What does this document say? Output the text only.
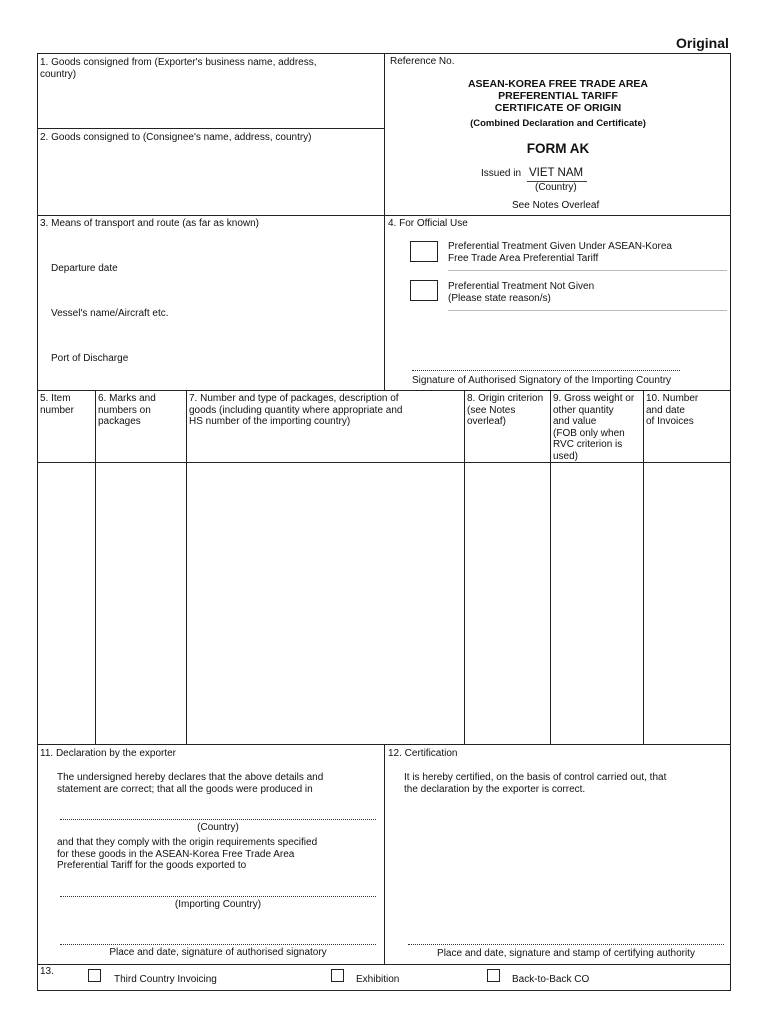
Original
1. Goods consigned from (Exporter's business name, address,
country)
2. Goods consigned to (Consignee's name, address, country)
Reference No.
ASEAN-KOREA FREE TRADE AREA
PREFERENTIAL TARIFF
CERTIFICATE OF ORIGIN
(Combined Declaration and Certificate)
FORM AK
Issued in VIET NAM
(Country)
See Notes Overleaf
3. Means of transport and route (as far as known)
Departure date
Vessel's name/Aircraft etc.
Port of Discharge
4. For Official Use
Preferential Treatment Given Under ASEAN-Korea
Free Trade Area Preferential Tariff
Preferential Treatment Not Given
(Please state reason/s)
Signature of Authorised Signatory of the Importing Country
5. Item
number
6. Marks and
numbers on
packages
7. Number and type of packages, description of
goods (including quantity where appropriate and
HS number of the importing country)
8. Origin criterion
(see Notes
overleaf)
9. Gross weight or
other quantity
and value
(FOB only when
RVC criterion is
used)
10. Number
and date
of Invoices
11. Declaration by the exporter
The undersigned hereby declares that the above details and
statement are correct; that all the goods were produced in
(Country)
and that they comply with the origin requirements specified
for these goods in the ASEAN-Korea Free Trade Area
Preferential Tariff for the goods exported to
(Importing Country)
Place and date, signature of authorised signatory
12. Certification
It is hereby certified, on the basis of control carried out, that
the declaration by the exporter is correct.
Place and date, signature and stamp of certifying authority
13.
Third Country Invoicing	Exhibition	Back-to-Back CO
